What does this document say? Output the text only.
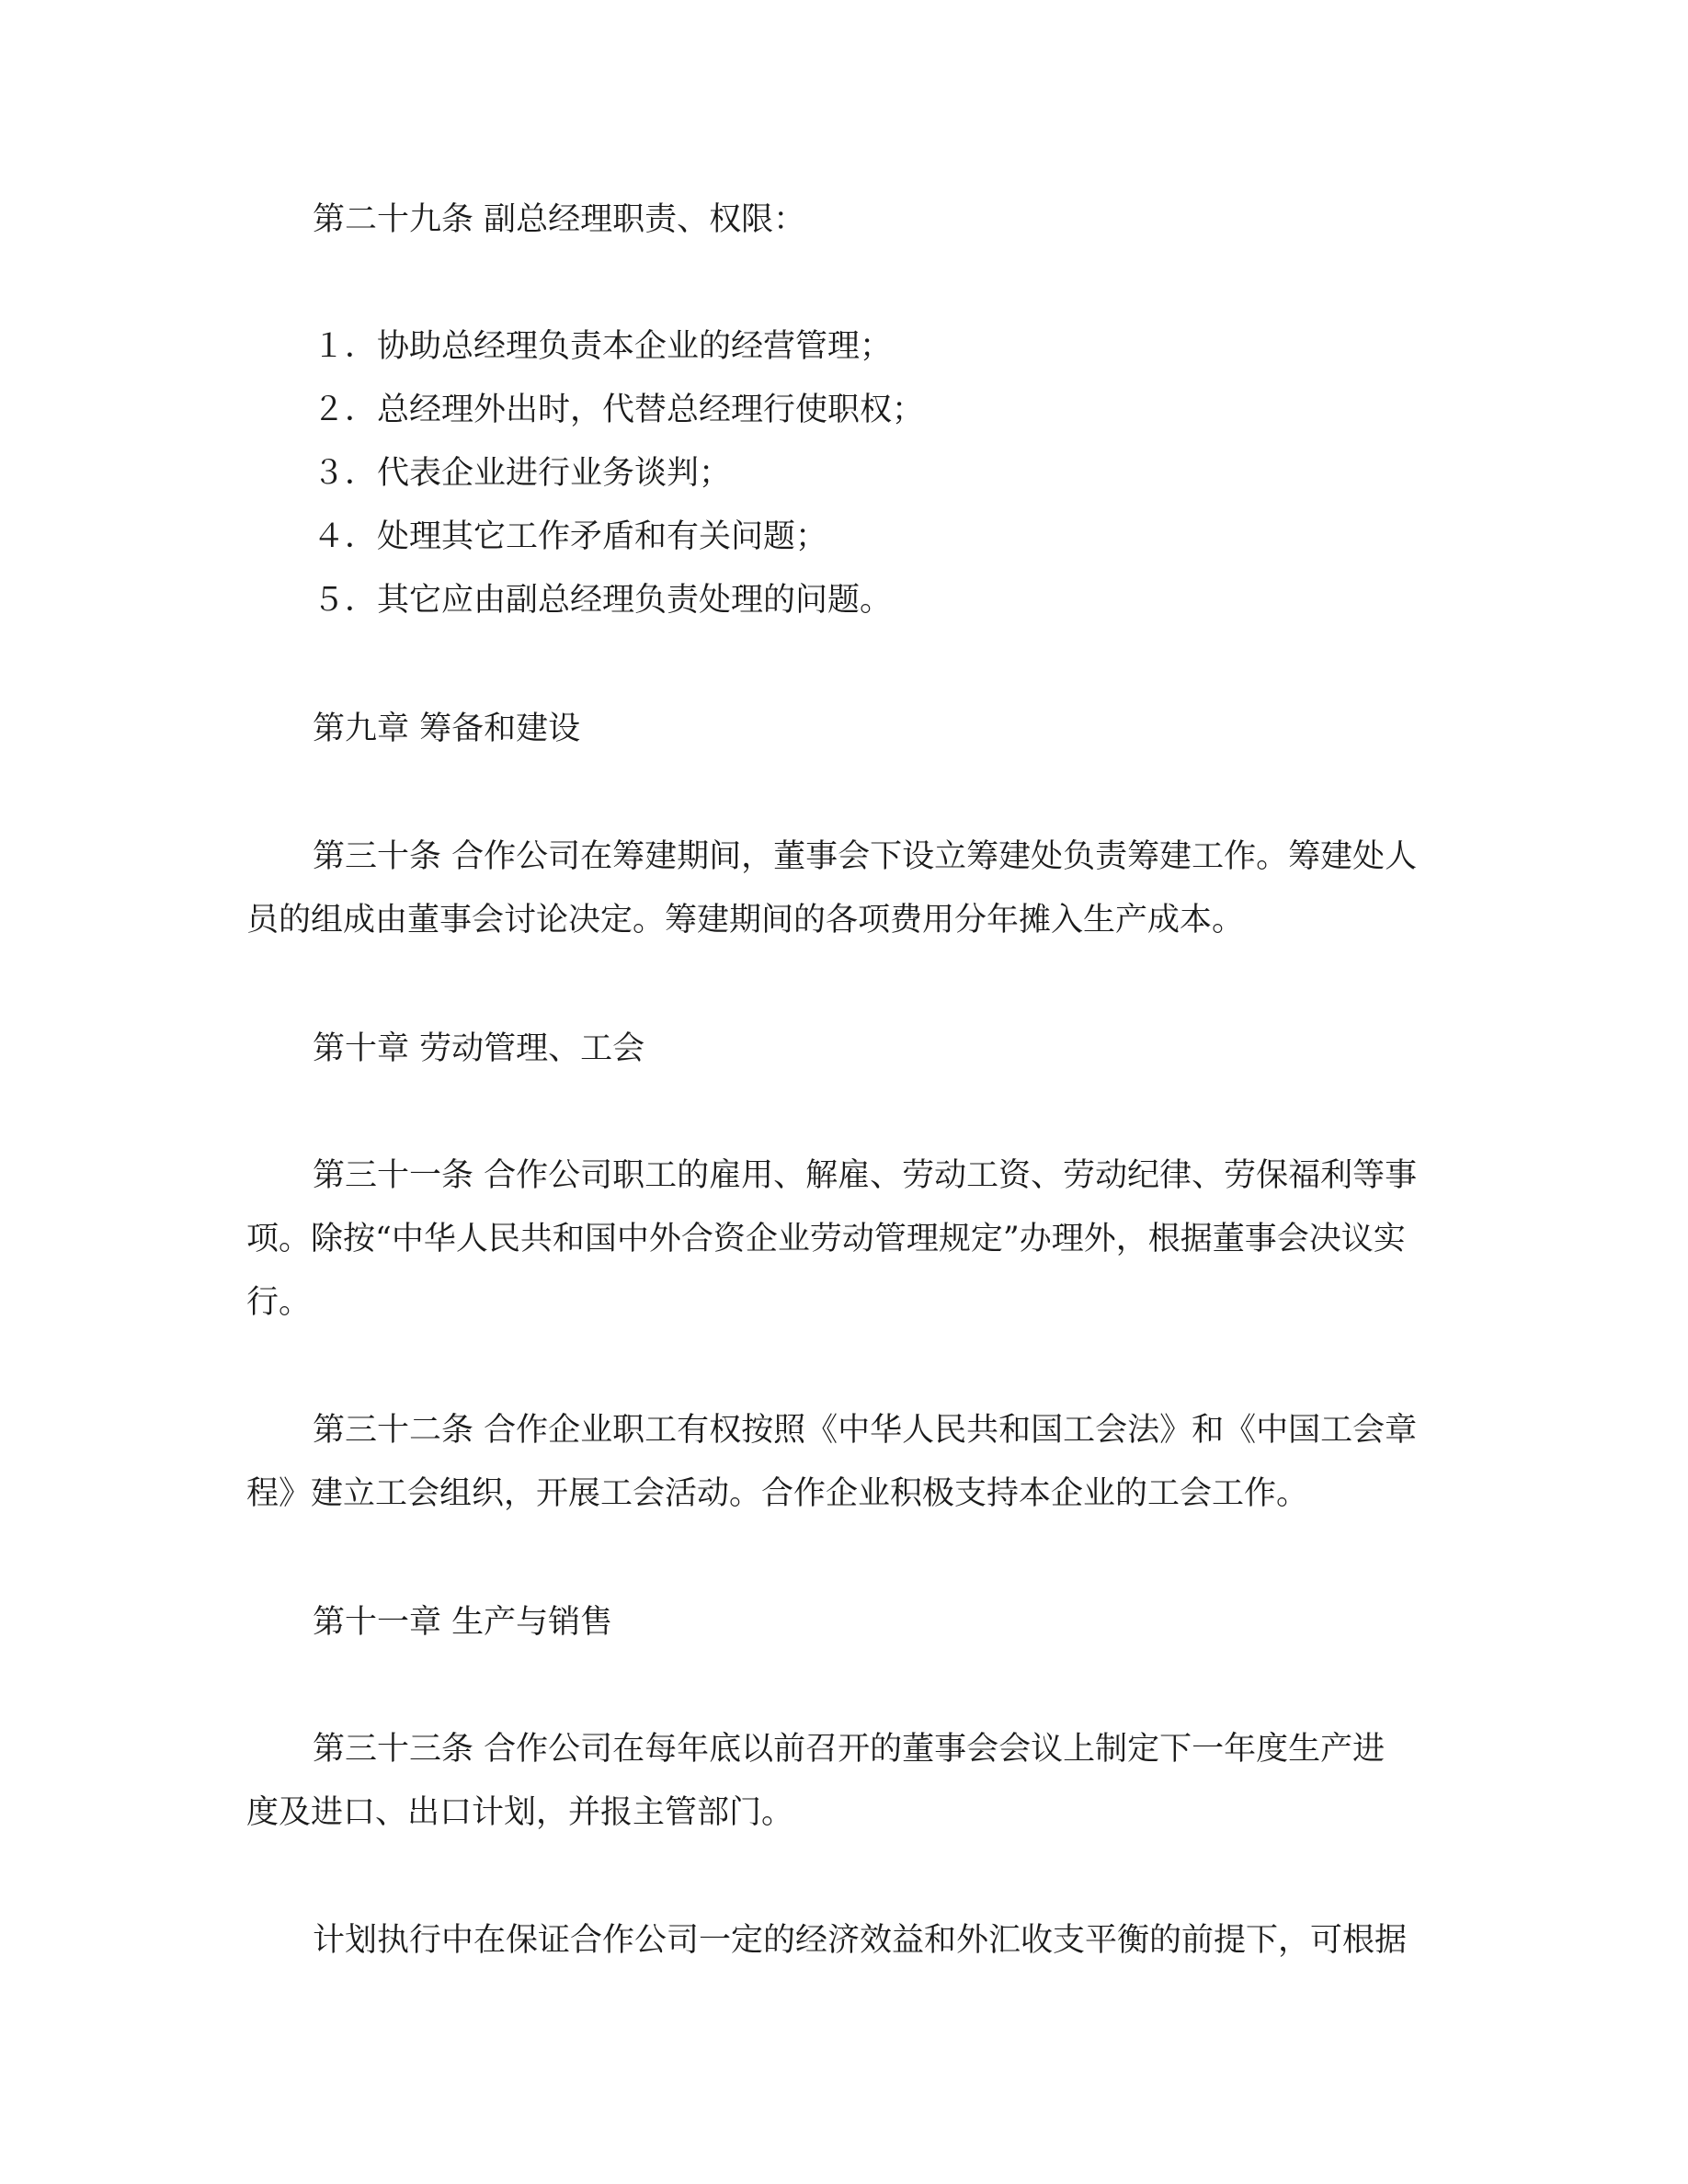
第二十九条 副总经理职责、权限：
１．协助总经理负责本企业的经营管理；
２．总经理外出时，代替总经理行使职权；
３．代表企业进行业务谈判；
４．处理其它工作矛盾和有关问题；
５．其它应由副总经理负责处理的问题。
第九章 筹备和建设
第三十条 合作公司在筹建期间，董事会下设立筹建处负责筹建工作。筹建处人
员的组成由董事会讨论决定。筹建期间的各项费用分年摊入生产成本。
第十章 劳动管理、工会
第三十一条 合作公司职工的雇用、解雇、劳动工资、劳动纪律、劳保福利等事
项。除按“中华人民共和国中外合资企业劳动管理规定”办理外，根据董事会决议实
行。
第三十二条 合作企业职工有权按照《中华人民共和国工会法》和《中国工会章
程》建立工会组织，开展工会活动。合作企业积极支持本企业的工会工作。
第十一章 生产与销售
第三十三条 合作公司在每年底以前召开的董事会会议上制定下一年度生产进
度及进口、出口计划，并报主管部门。
计划执行中在保证合作公司一定的经济效益和外汇收支平衡的前提下，可根据
